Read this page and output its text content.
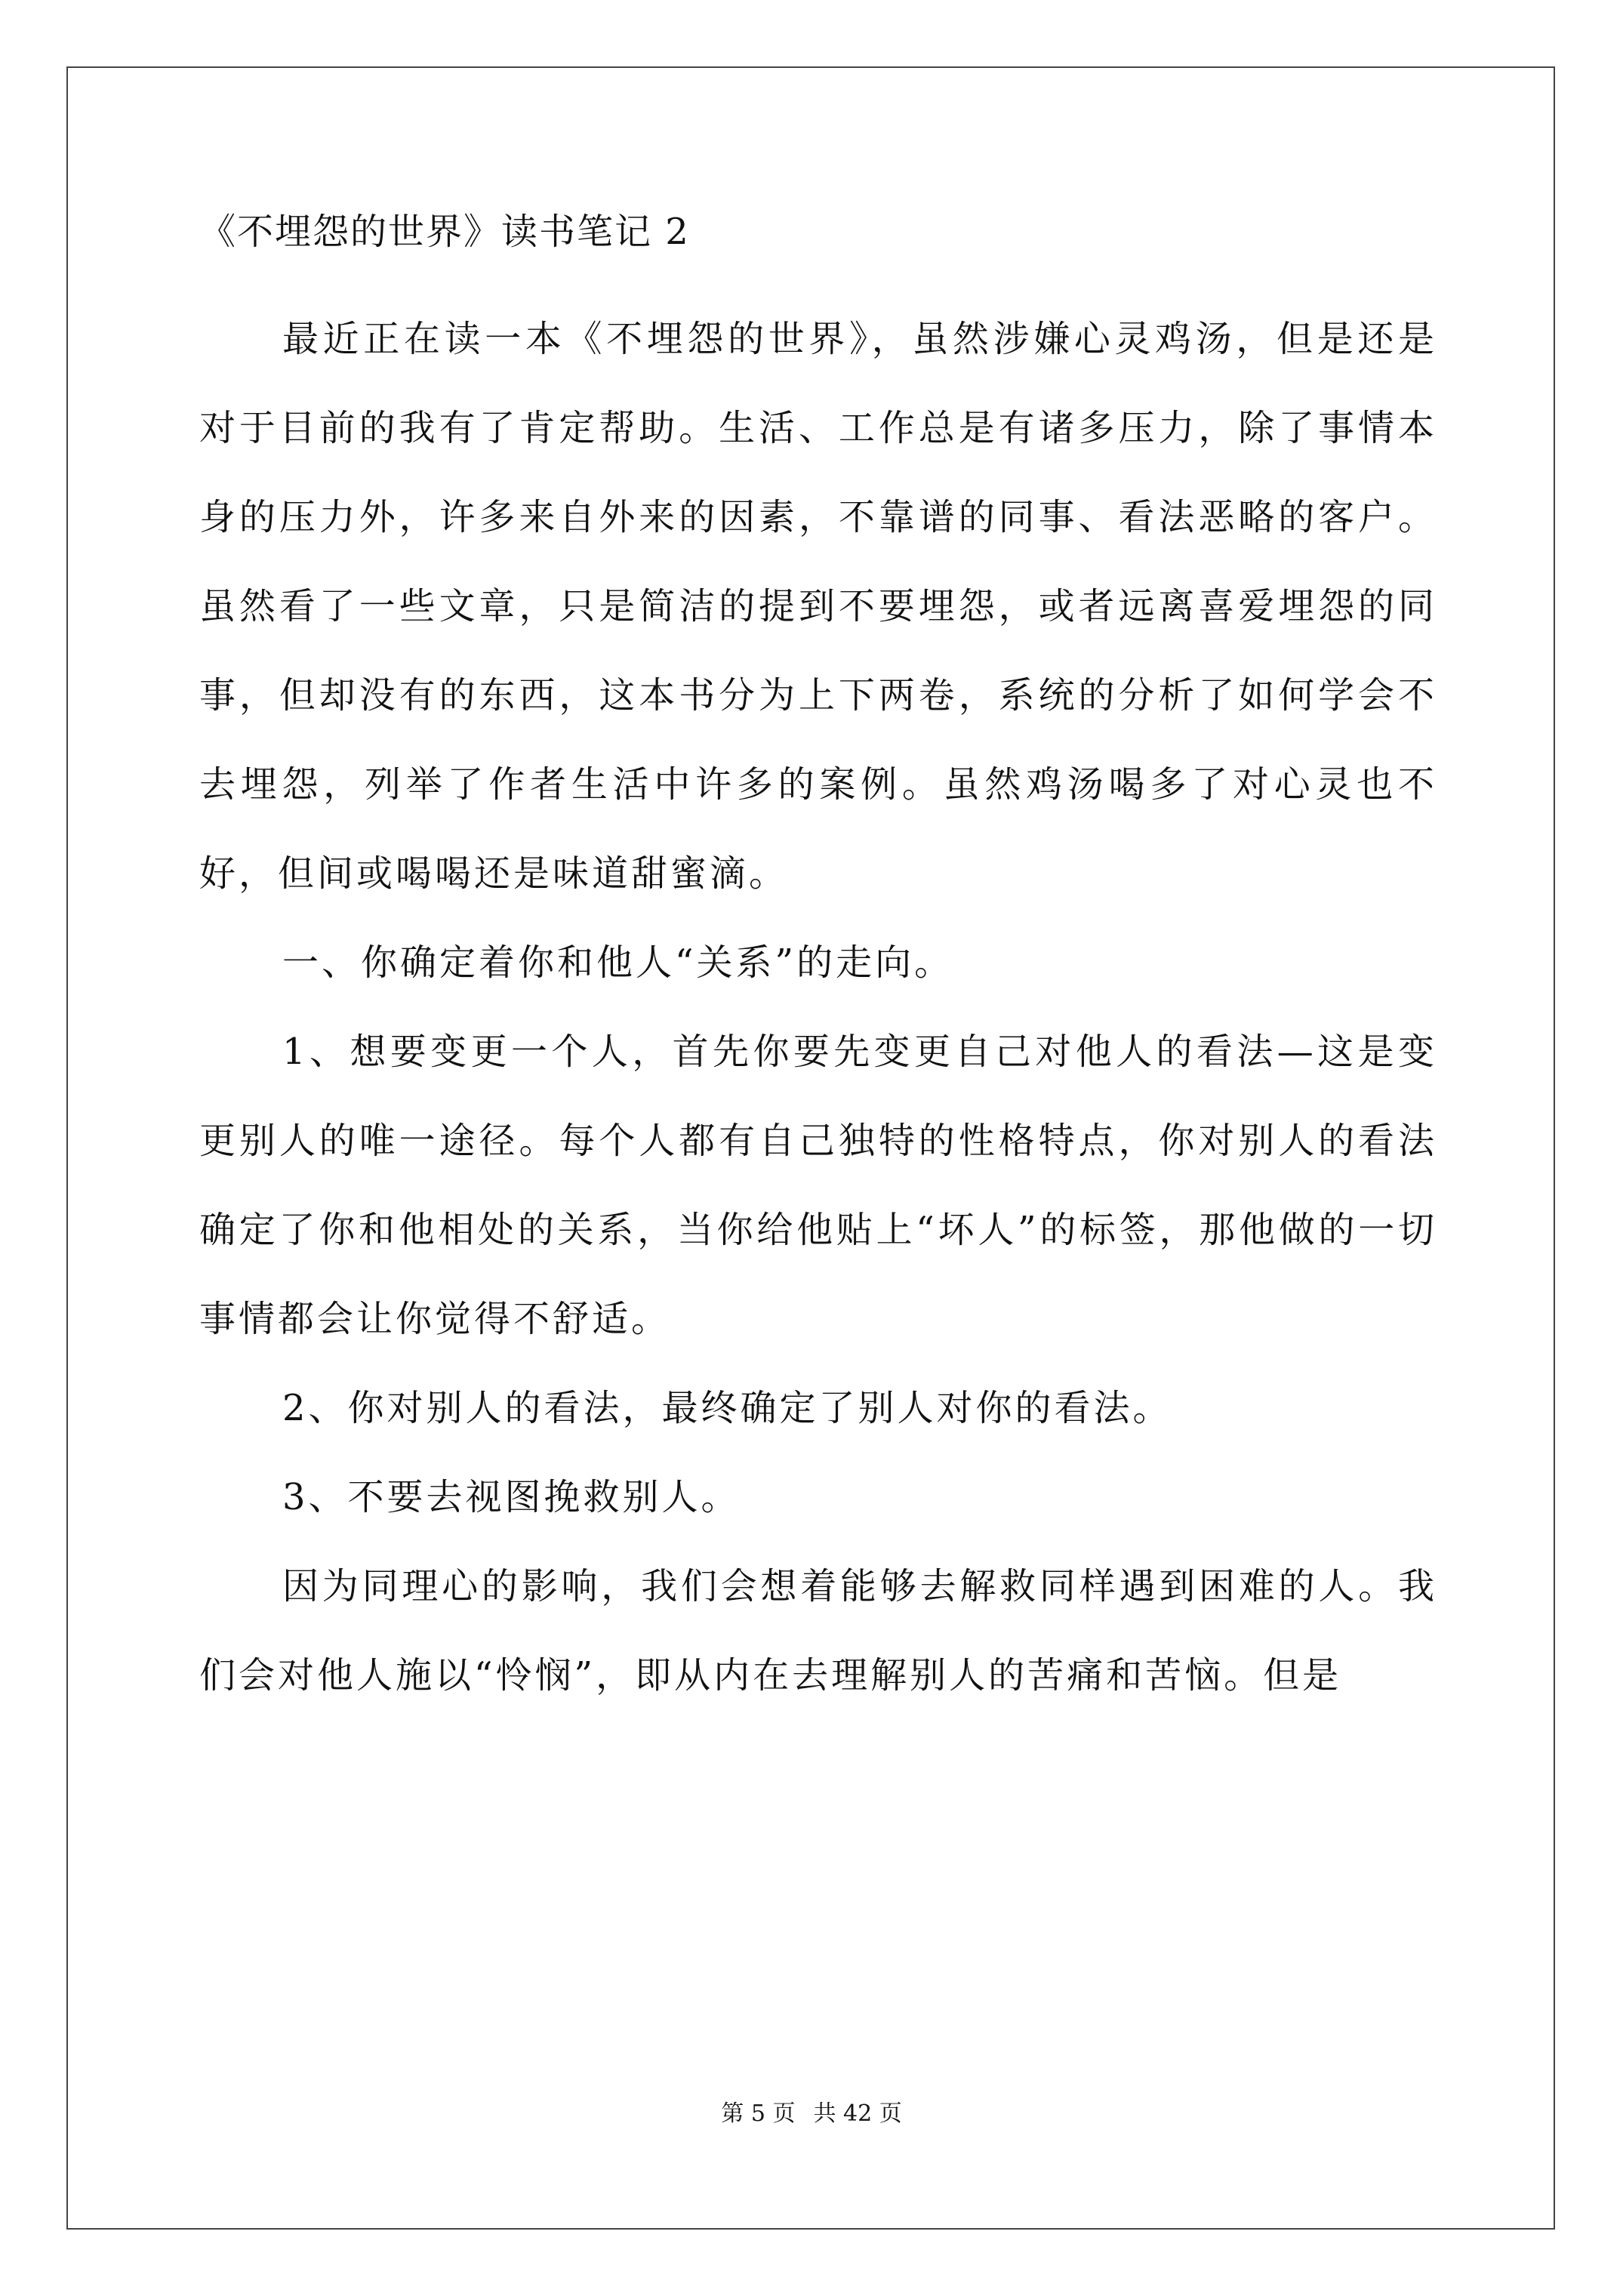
《不埋怨的世界》读书笔记 2

最近正在读一本《不埋怨的世界》，虽然涉嫌心灵鸡汤，但是还是对于目前的我有了肯定帮助。生活、工作总是有诸多压力，除了事情本身的压力外，许多来自外来的因素，不靠谱的同事、看法恶略的客户。虽然看了一些文章，只是简洁的提到不要埋怨，或者远离喜爱埋怨的同事，但却没有的东西，这本书分为上下两卷，系统的分析了如何学会不去埋怨，列举了作者生活中许多的案例。虽然鸡汤喝多了对心灵也不好，但间或喝喝还是味道甜蜜滴。

一、你确定着你和他人“关系”的走向。

1、想要变更一个人，首先你要先变更自己对他人的看法—这是变更别人的唯一途径。每个人都有自己独特的性格特点，你对别人的看法确定了你和他相处的关系，当你给他贴上“坏人”的标签，那他做的一切事情都会让你觉得不舒适。

2、你对别人的看法，最终确定了别人对你的看法。

3、不要去视图挽救别人。

因为同理心的影响，我们会想着能够去解救同样遇到困难的人。我们会对他人施以“怜悯”，即从内在去理解别人的苦痛和苦恼。但是

第 5 页 共 42 页
